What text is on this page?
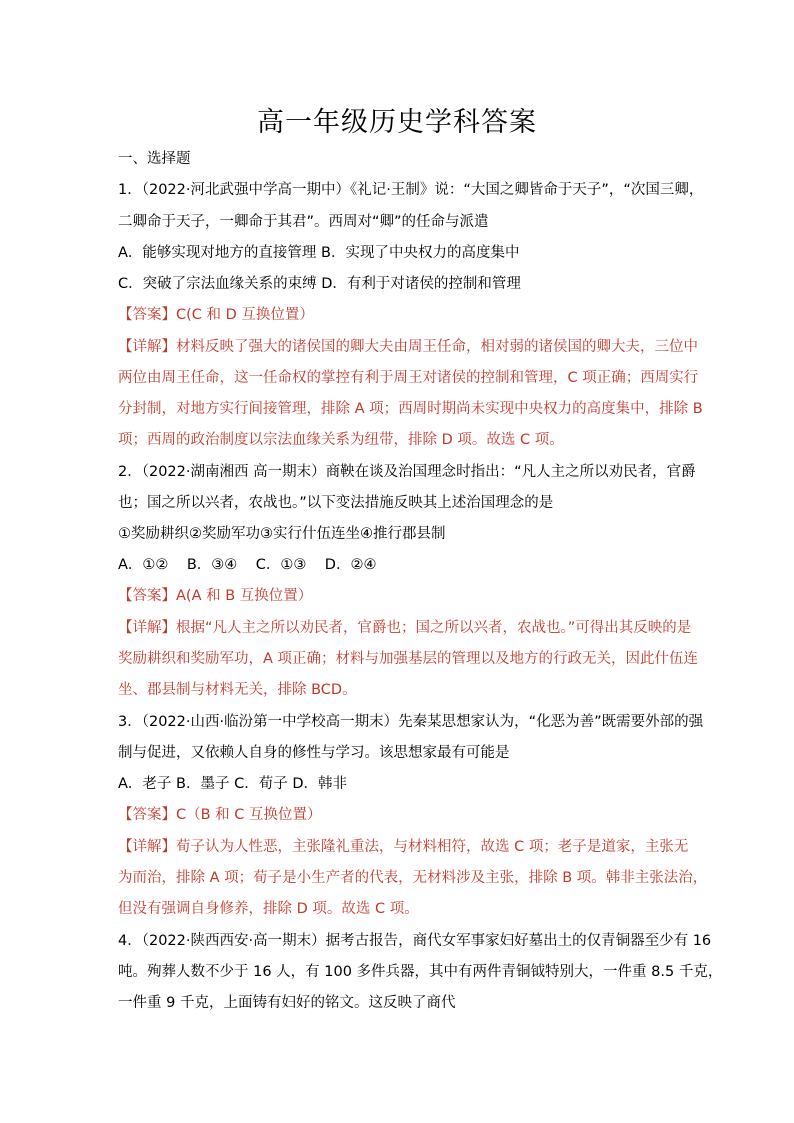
高一年级历史学科答案
一、选择题
1．（2022·河北武强中学高一期中）《礼记·王制》说：“大国之卿皆命于天子”，“次国三卿，
二卿命于天子，一卿命于其君”。西周对“卿”的任命与派遣
A．能够实现对地方的直接管理 B．实现了中央权力的高度集中
C．突破了宗法血缘关系的束缚 D．有利于对诸侯的控制和管理
【答案】C(C 和 D 互换位置）
【详解】材料反映了强大的诸侯国的卿大夫由周王任命，相对弱的诸侯国的卿大夫，三位中
两位由周王任命，这一任命权的掌控有利于周王对诸侯的控制和管理，C 项正确；西周实行
分封制，对地方实行间接管理，排除 A 项；西周时期尚未实现中央权力的高度集中，排除 B
项；西周的政治制度以宗法血缘关系为纽带，排除 D 项。故选 C 项。
2．（2022·湖南湘西 高一期末）商鞅在谈及治国理念时指出：“凡人主之所以劝民者，官爵
也；国之所以兴者，农战也。”以下变法措施反映其上述治国理念的是
①奖励耕织②奖励军功③实行什伍连坐④推行郡县制
A．①②    B．③④    C．①③    D．②④
【答案】A(A 和 B 互换位置）
【详解】根据“凡人主之所以劝民者，官爵也；国之所以兴者，农战也。”可得出其反映的是
奖励耕织和奖励军功，A 项正确；材料与加强基层的管理以及地方的行政无关，因此什伍连
坐、郡县制与材料无关，排除 BCD。
3．（2022·山西·临汾第一中学校高一期末）先秦某思想家认为，“化恶为善”既需要外部的强
制与促进，又依赖人自身的修性与学习。该思想家最有可能是
A．老子 B．墨子 C．荀子 D．韩非
【答案】C（B 和 C 互换位置）
【详解】荀子认为人性恶，主张隆礼重法，与材料相符，故选 C 项；老子是道家，主张无
为而治，排除 A 项；荀子是小生产者的代表，无材料涉及主张，排除 B 项。韩非主张法治，
但没有强调自身修养，排除 D 项。故选 C 项。
4．（2022·陕西西安·高一期末）据考古报告，商代女军事家妇好墓出土的仅青铜器至少有 16
吨。殉葬人数不少于 16 人，有 100 多件兵器，其中有两件青铜钺特别大，一件重 8.5 千克，
一件重 9 千克，上面铸有妇好的铭文。这反映了商代
